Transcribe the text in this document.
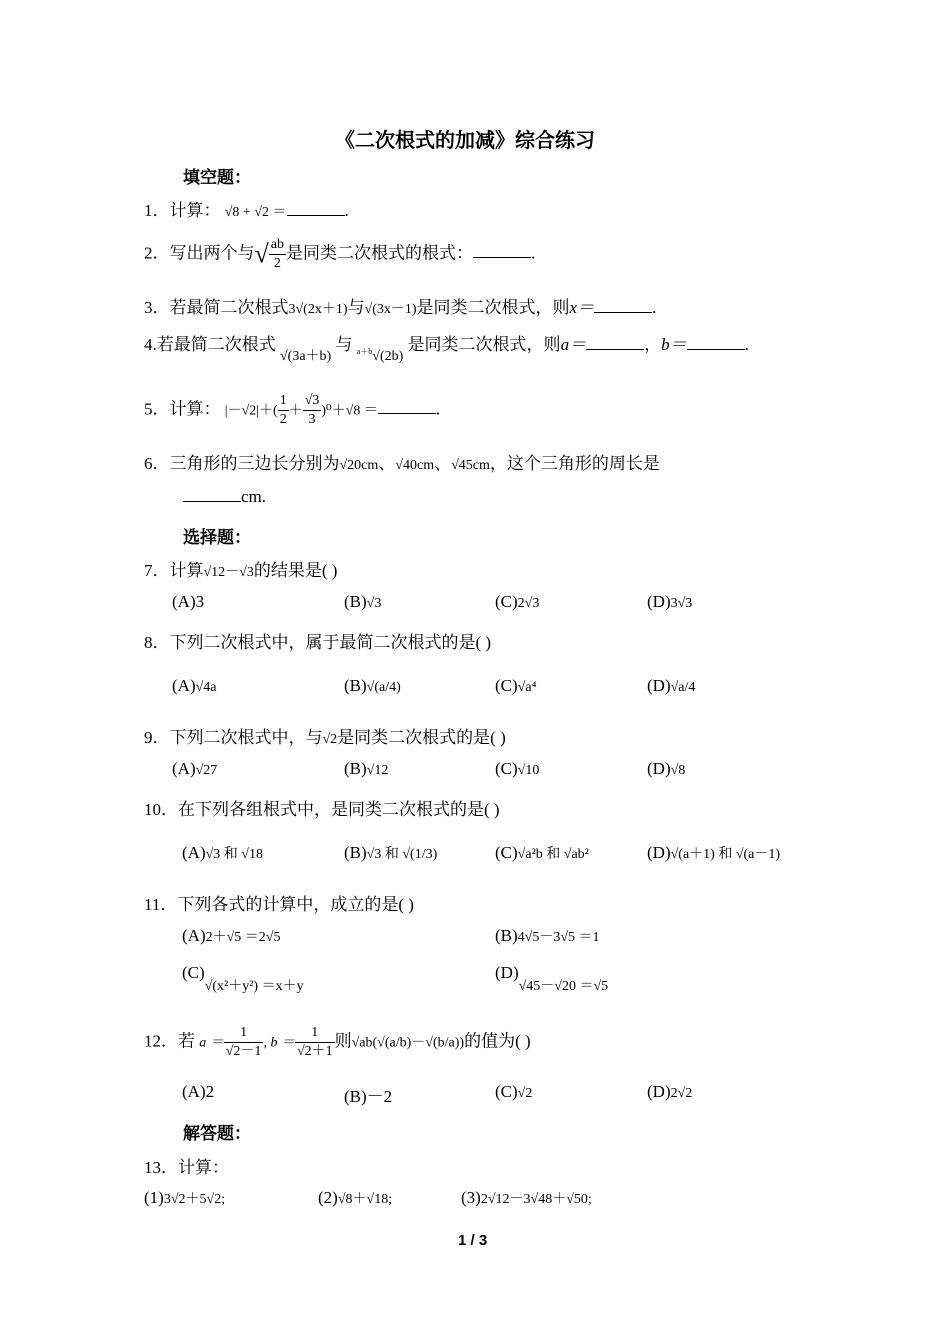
《二次根式的加减》综合练习
填空题：
1．计算： √8 + √2 ＝	.
2．写出两个与√ $\frac{ab}{2}$ 是同类二次根式的根式：	.
3．若最简二次根式3√(2x＋1)与√(3x－1)是同类二次根式，则x＝	.
4.若最简二次根式 $_{√(3a+b)}$ 与 $_{a+b√(2b)}$ 是同类二次根式，则a＝	，b＝	.
5．计算： $|-√2|+( \frac{1}{2} + \frac{√3}{3} )^0+√8$ ＝	.
6．三角形的三边长分别为√20cm、√40cm、√45cm，这个三角形的周长是
cm.
选择题：
7．计算√12－√3的结果是( )
(A)3	(B)√3	(C)2√3	(D)3√3
8．下列二次根式中，属于最简二次根式的是( )
(A)√4a	(B)√(a/4)	(C)√a⁴	(D)√a/4
9．下列二次根式中，与√2是同类二次根式的是( )
(A)√27	(B)√12	(C)√10	(D)√8
10．在下列各组根式中，是同类二次根式的是( )
(A)√3 和 √18	(B)√3 和 √(1/3)	(C)√a²b 和 √ab²	(D)√(a＋1) 和 √(a－1)
11．下列各式的计算中，成立的是( )
(A)2＋√5 ＝2√5	(B)4√5－3√5 ＝1
$(C)_{√(x^2+y^2) =x+y}$
$(D)_{√45-√20 =√5}$
12．若 $a = \frac{1}{√2-1}$ , $b = \frac{1}{√2+1}$ 则√ab(√(a/b)－√(b/a))的值为( )
(A)2	(B)－2	(C)√2	(D)2√2
解答题：
13．计算：
(1)3√2＋5√2;	(2)√8＋√18;	(3)2√12－3√48＋√50;
1 / 3
